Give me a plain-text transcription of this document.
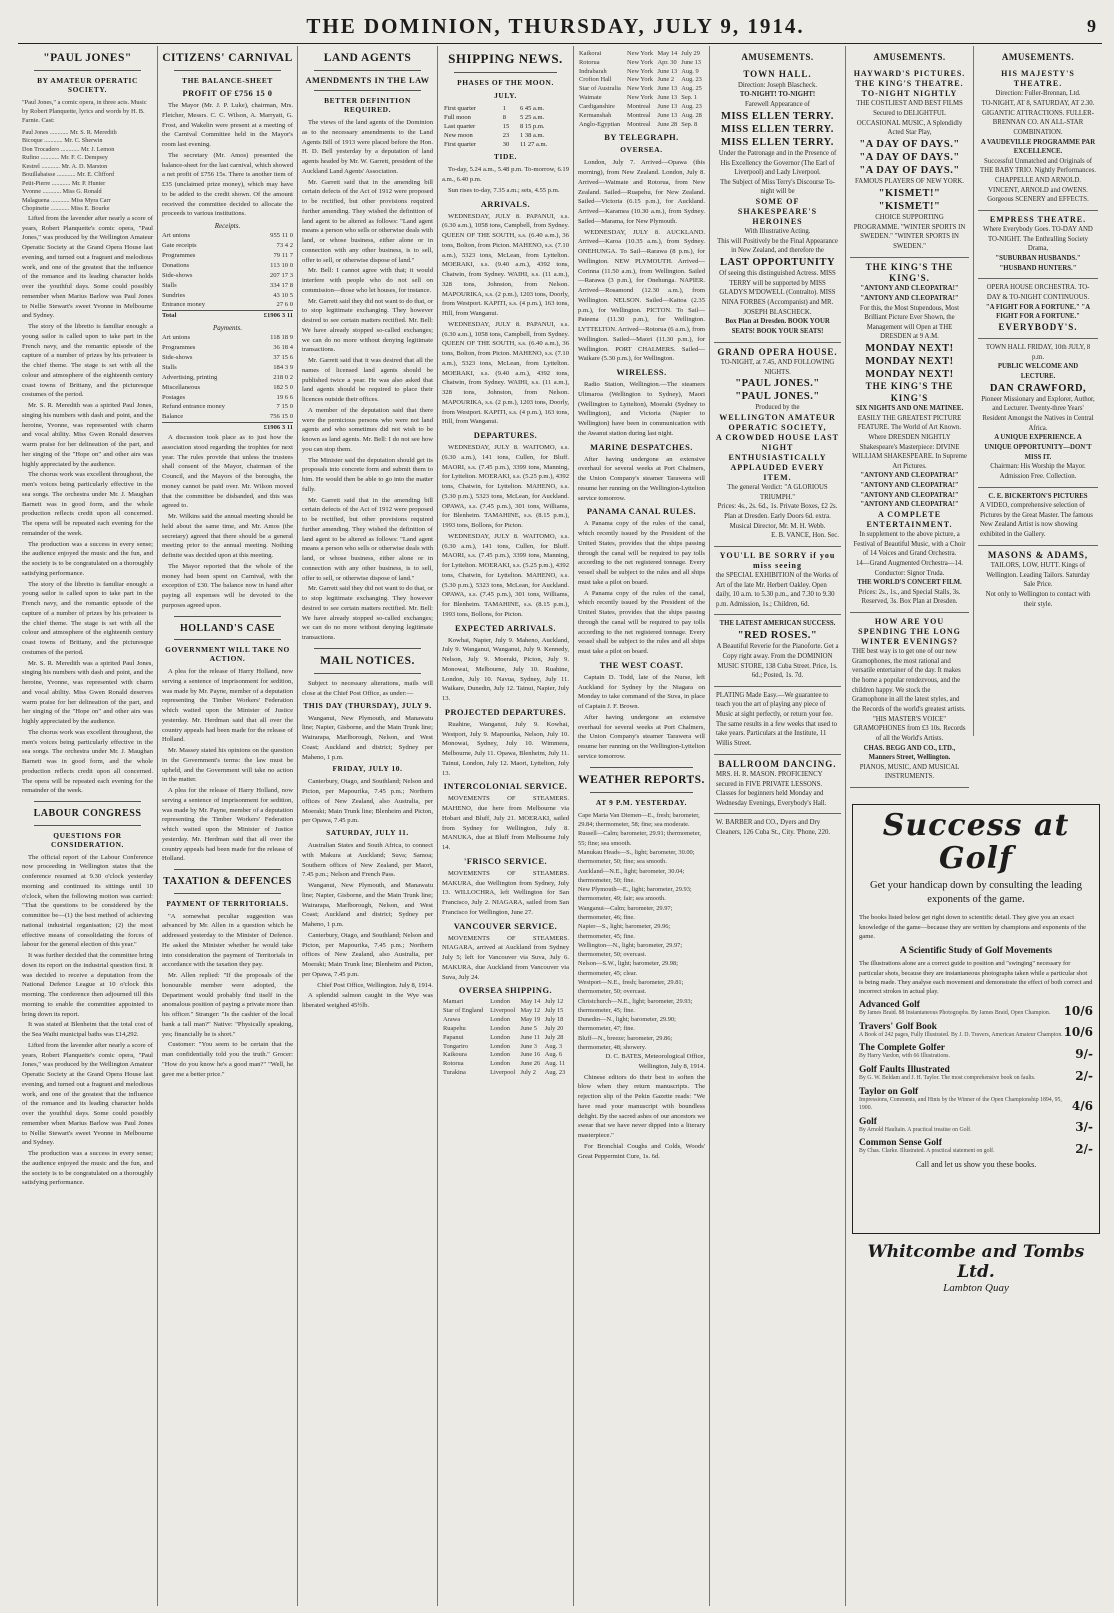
THE DOMINION, THURSDAY, JULY 9, 1914.	9
"PAUL JONES"
BY AMATEUR OPERATIC SOCIETY.

"Paul Jones," a comic opera, in three acts. Music by Robert Planquette, lyrics and words by H. B. Farnie. Cast:

Paul Jones ............ Mr. S. R. Meredith
Bicoque ............ Mr. C. Sherwin
Don Trocadero ............ Mr. J. Lemon
Rufino ............ Mr. F. C. Dempsey
Kestrel ............ Mr. A. D. Marston
Bouillabaisse ............ Mr. E. Clifford
Petit-Pierre ............ Mr. P. Hunter
Yvonne ............ Miss G. Ronald
Malaguena ............ Miss Myra Carr
Chopinette ............ Miss E. Bourke

Lifted from the lavender after nearly a score of years, Robert Planquette's comic opera, "Paul Jones," was produced by the Wellington Amateur Operatic Society at the Grand Opera House last evening, and turned out a fragrant and melodious work, and one of the greatest that the influence of the romance and its leading character holds over the youthful days. Some could possibly remember when Marius Barlow was Paul Jones to Nellie Stewart's sweet Yvonne in Melbourne and Sydney.

The story of the libretto is familiar enough: a young sailor is called upon to take part in the French navy, and the romantic episode of the capture of a number of prizes by his privateer is the chief theme. The stage is set with all the colour and atmosphere of the eighteenth century coast towns of Brittany, and the picturesque costumes of the period.

Mr. S. R. Meredith was a spirited Paul Jones, singing his numbers with dash and point, and the heroine, Yvonne, was represented with charm and vocal ability. Miss Gwen Ronald deserves warm praise for her delineation of the part, and her singing of the "Hope on" and other airs was highly appreciated by the audience.

The chorus work was excellent throughout, the men's voices being particularly effective in the sea songs. The orchestra under Mr. J. Maughan Barnett was in good form, and the whole production reflects credit upon all concerned. The opera will be repeated each evening for the remainder of the week.

The production was a success in every sense; the audience enjoyed the music and the fun, and the society is to be congratulated on a thoroughly satisfying performance.

The story of the libretto is familiar enough: a young sailor is called upon to take part in the French navy, and the romantic episode of the capture of a number of prizes by his privateer is the chief theme. The stage is set with all the colour and atmosphere of the eighteenth century coast towns of Brittany, and the picturesque costumes of the period.

Mr. S. R. Meredith was a spirited Paul Jones, singing his numbers with dash and point, and the heroine, Yvonne, was represented with charm and vocal ability. Miss Gwen Ronald deserves warm praise for her delineation of the part, and her singing of the "Hope on" and other airs was highly appreciated by the audience.

The chorus work was excellent throughout, the men's voices being particularly effective in the sea songs. The orchestra under Mr. J. Maughan Barnett was in good form, and the whole production reflects credit upon all concerned. The opera will be repeated each evening for the remainder of the week.

LABOUR CONGRESS
QUESTIONS FOR CONSIDERATION.

The official report of the Labour Conference now proceeding in Wellington states that the conference resumed at 9.30 o'clock yesterday morning and continued its sittings until 10 o'clock, when the following motion was carried: "That the questions to be considered by the committee be—(1) the best method of achieving national industrial organisation; (2) the most effective means of consolidating the forces of labour for the general election of this year."

It was further decided that the committee bring down its report on the industrial question first. It was decided to receive a deputation from the National Defence League at 10 o'clock this morning. The conference then adjourned till this morning to enable the committee appointed to bring down its report.

It was stated at Blenheim that the total cost of the Sea Waihi municipal baths was £14,292.

Lifted from the lavender after nearly a score of years, Robert Planquette's comic opera, "Paul Jones," was produced by the Wellington Amateur Operatic Society at the Grand Opera House last evening, and turned out a fragrant and melodious work, and one of the greatest that the influence of the romance and its leading character holds over the youthful days. Some could possibly remember when Marius Barlow was Paul Jones to Nellie Stewart's sweet Yvonne in Melbourne and Sydney.

The production was a success in every sense; the audience enjoyed the music and the fun, and the society is to be congratulated on a thoroughly satisfying performance.

CITIZENS' CARNIVAL
THE BALANCE-SHEET
PROFIT OF £756 15 0

The Mayor (Mr. J. P. Luke), chairman, Mrs. Fletcher, Messrs. C. C. Wilson, A. Marryatt, G. Frost, and Wakelin were present at a meeting of the Carnival Committee held in the Mayor's room last evening.

The secretary (Mr. Amos) presented the balance-sheet for the last carnival, which showed a net profit of £756 15s. There is another item of £35 (unclaimed prize money), which may have to be added to the credit shown. Of the amount received the committee decided to allocate the proceeds to various institutions.

Receipts.
Art unions	955 11 0
Gate receipts	73 4 2
Programmes	79 11 7
Donations	113 10 0
Side-shows	207 17 3
Stalls	334 17 8
Sundries	43 10 5
Entrance money	27 6 0
Total	£1906 3 11
Payments.
Art unions	118 18 9
Programmes	36 18 4
Side-shows	37 15 6
Stalls	184 3 9
Advertising, printing	218 0 2
Miscellaneous	182 5 0
Postages	19 6 6
Refund entrance money	7 15 0
Balance	756 15 0
£1906 3 11

A discussion took place as to just how the association stood regarding the trophies for next year. The rules provide that unless the trustees shall consent of the Mayor, chairman of the Council, and the Mayors of the boroughs, the money cannot be paid over. Mr. Wilson moved that the committee be disbanded, and this was agreed to.

Mr. Wilkins said the annual meeting should be held about the same time, and Mr. Amos (the secretary) agreed that there should be a general meeting prior to the annual meeting. Nothing definite was decided upon at this meeting.

The Mayor reported that the whole of the money had been spent on Carnival, with the exception of £30. The balance now in hand after paying all expenses will be devoted to the purposes agreed upon.

HOLLAND'S CASE
GOVERNMENT WILL TAKE NO ACTION.

A plea for the release of Harry Holland, now serving a sentence of imprisonment for sedition, was made by Mr. Payne, member of a deputation representing the Timber Workers' Federation which waited upon the Minister of Justice yesterday. Mr. Herdman said that all over the country appeals had been made for the release of Holland.

Mr. Massey stated his opinions on the question in the Government's terms: the law must be upheld, and the Government will take no action in the matter.

A plea for the release of Harry Holland, now serving a sentence of imprisonment for sedition, was made by Mr. Payne, member of a deputation representing the Timber Workers' Federation which waited upon the Minister of Justice yesterday. Mr. Herdman said that all over the country appeals had been made for the release of Holland.

TAXATION & DEFENCES
PAYMENT OF TERRITORIALS.

"A somewhat peculiar suggestion was advanced by Mr. Allen in a question which he addressed yesterday to the Minister of Defence. He asked the Minister whether he would take into consideration the payment of Territorials in accordance with the taxation they pay.

Mr. Allen replied: "If the proposals of the honourable member were adopted, the Department would probably find itself in the anomalous position of paying a private more than his officer." Stranger: "Is the cashier of the local bank a tall man?" Native: "Physically speaking, yes; financially he is short."

Customer: "You seem to be certain that the man confidentially told you the truth." Grocer: "How do you know he's a good man?" "Well, he gave me a better price."

LAND AGENTS
AMENDMENTS IN THE LAW
BETTER DEFINITION REQUIRED.

The views of the land agents of the Dominion as to the necessary amendments to the Land Agents Bill of 1913 were placed before the Hon. H. D. Bell yesterday by a deputation of land agents headed by Mr. W. Garrett, president of the Auckland Land Agents' Association.

Mr. Garrett said that in the amending bill certain defects of the Act of 1912 were proposed to be rectified, but other provisions required further amending. They wished the definition of land agent to be altered as follows: "Land agent means a person who sells or otherwise deals with land, or whose business, either alone or in connection with any other business, is to sell, offer to sell, or otherwise dispose of land."

Mr. Bell: I cannot agree with that; it would interfere with people who do not sell on commission—those who let houses, for instance.

Mr. Garrett said they did not want to do that, or to stop legitimate exchanging. They however desired to see certain matters rectified. Mr. Bell: We have already stopped so-called exchanges; we can do no more without denying legitimate transactions.

Mr. Garrett said that it was desired that all the names of licensed land agents should be published twice a year. He was also asked that land agents should be required to place their licences outside their offices.

A member of the deputation said that there were the pernicious persons who were not land agents and who sometimes did not wish to be known as land agents. Mr. Bell: I do not see how you can stop them.

The Minister said the deputation should get its proposals into concrete form and submit them to him. He would then be able to go into the matter fully.

Mr. Garrett said that in the amending bill certain defects of the Act of 1912 were proposed to be rectified, but other provisions required further amending. They wished the definition of land agent to be altered as follows: "Land agent means a person who sells or otherwise deals with land, or whose business, either alone or in connection with any other business, is to sell, offer to sell, or otherwise dispose of land."

Mr. Garrett said they did not want to do that, or to stop legitimate exchanging. They however desired to see certain matters rectified. Mr. Bell: We have already stopped so-called exchanges; we can do no more without denying legitimate transactions.

MAIL NOTICES.

Subject to necessary alterations, mails will close at the Chief Post Office, as under:—

THIS DAY (THURSDAY), JULY 9.

Wanganui, New Plymouth, and Manawatu line; Napier, Gisborne, and the Main Trunk line; Wairarapa, Marlborough, Nelson, and West Coast; Auckland and district; Sydney per Maheno, 1 p.m.

FRIDAY, JULY 10.

Canterbury, Otago, and Southland; Nelson and Picton, per Mapourika, 7.45 p.m.; Northern offices of New Zealand, also Australia, per Moeraki; Main Trunk line; Blenheim and Picton, per Opawa, 7.45 p.m.

SATURDAY, JULY 11.

Australian States and South Africa, to connect with Makura at Auckland; Suva; Samoa; Southern offices of New Zealand, per Maori, 7.45 p.m.; Nelson and French Pass.

Wanganui, New Plymouth, and Manawatu line; Napier, Gisborne, and the Main Trunk line; Wairarapa, Marlborough, Nelson, and West Coast; Auckland and district; Sydney per Maheno, 1 p.m.

Canterbury, Otago, and Southland; Nelson and Picton, per Mapourika, 7.45 p.m.; Northern offices of New Zealand, also Australia, per Moeraki; Main Trunk line; Blenheim and Picton, per Opawa, 7.45 p.m.

Chief Post Office, Wellington. July 8, 1914.

A splendid salmon caught in the Wye was liberated weighed 45½lb.

SHIPPING NEWS.
PHASES OF THE MOON.
JULY.
First quarter	1	6 45 a.m.
Full moon	8	5 25 a.m.
Last quarter	15	8 15 p.m.
New moon	23	1 38 a.m.
First quarter	30	11 27 a.m.
TIDE.

To-day, 5.24 a.m., 5.48 p.m. To-morrow, 6.19 a.m., 6.40 p.m.

Sun rises to-day, 7.35 a.m.; sets, 4.55 p.m.

ARRIVALS.

WEDNESDAY, JULY 8. PAPANUI, s.s. (6.30 a.m.), 1058 tons, Campbell, from Sydney. QUEEN OF THE SOUTH, s.s. (6.40 a.m.), 36 tons, Bolton, from Picton. MAHENO, s.s. (7.10 a.m.), 5323 tons, McLean, from Lyttelton. MOERAKI, s.s. (9.40 a.m.), 4392 tons, Chatwin, from Sydney. WAIHI, s.s. (11 a.m.), 328 tons, Johnston, from Nelson. MAPOURIKA, s.s. (2 p.m.), 1203 tons, Doorly, from Westport. KAPITI, s.s. (4 p.m.), 163 tons, Hill, from Wanganui.

WEDNESDAY, JULY 8. PAPANUI, s.s. (6.30 a.m.), 1058 tons, Campbell, from Sydney. QUEEN OF THE SOUTH, s.s. (6.40 a.m.), 36 tons, Bolton, from Picton. MAHENO, s.s. (7.10 a.m.), 5323 tons, McLean, from Lyttelton. MOERAKI, s.s. (9.40 a.m.), 4392 tons, Chatwin, from Sydney. WAIHI, s.s. (11 a.m.), 328 tons, Johnston, from Nelson. MAPOURIKA, s.s. (2 p.m.), 1203 tons, Doorly, from Westport. KAPITI, s.s. (4 p.m.), 163 tons, Hill, from Wanganui.

DEPARTURES.

WEDNESDAY, JULY 8. WAITOMO, s.s. (6.30 a.m.), 141 tons, Cullen, for Bluff. MAORI, s.s. (7.45 p.m.), 3399 tons, Manning, for Lyttelton. MOERAKI, s.s. (5.25 p.m.), 4392 tons, Chatwin, for Lyttelton. MAHENO, s.s. (5.30 p.m.), 5323 tons, McLean, for Auckland. OPAWA, s.s. (7.45 p.m.), 301 tons, Williams, for Blenheim. TAMAHINE, s.s. (8.15 p.m.), 1993 tons, Bollons, for Picton.

WEDNESDAY, JULY 8. WAITOMO, s.s. (6.30 a.m.), 141 tons, Cullen, for Bluff. MAORI, s.s. (7.45 p.m.), 3399 tons, Manning, for Lyttelton. MOERAKI, s.s. (5.25 p.m.), 4392 tons, Chatwin, for Lyttelton. MAHENO, s.s. (5.30 p.m.), 5323 tons, McLean, for Auckland. OPAWA, s.s. (7.45 p.m.), 301 tons, Williams, for Blenheim. TAMAHINE, s.s. (8.15 p.m.), 1993 tons, Bollons, for Picton.

EXPECTED ARRIVALS.

Kowhai, Napier, July 9. Maheno, Auckland, July 9. Wanganui, Wanganui, July 9. Kennedy, Nelson, July 9. Moeraki, Picton, July 9. Monowai, Melbourne, July 10. Ruahine, London, July 10. Navua, Sydney, July 11. Waikare, Dunedin, July 12. Tainui, Napier, July 13.

PROJECTED DEPARTURES.

Ruahine, Wanganui, July 9. Kowhai, Westport, July 9. Mapourika, Nelson, July 10. Monowai, Sydney, July 10. Wimmera, Melbourne, July 11. Opawa, Blenheim, July 11. Tainui, London, July 12. Maori, Lyttelton, July 13.

INTERCOLONIAL SERVICE.

MOVEMENTS OF STEAMERS. MAHENO, due here from Melbourne via Hobart and Bluff, July 21. MOERAKI, sailed from Sydney for Wellington, July 8. MANUKA, due at Bluff from Melbourne July 14.

'FRISCO SERVICE.

MOVEMENTS OF STEAMERS. MAKURA, due Wellington from Sydney, July 13. WILLOCHRA, left Wellington for San Francisco, July 2. NIAGARA, sailed from San Francisco for Wellington, June 27.

VANCOUVER SERVICE.

MOVEMENTS OF STEAMERS. NIAGARA, arrived at Auckland from Sydney July 5; left for Vancouver via Suva, July 6. MAKURA, due Auckland from Vancouver via Suva, July 24.

OVERSEA SHIPPING.
Mamari	London	May 14	July 12
Star of England	Liverpool	May 12	July 15
Arawa	London	May 19	July 18
Ruapehu	London	June 5	July 20
Papanui	London	June 11	July 28
Tongariro	London	June 3	Aug. 3
Kaikoura	London	June 16	Aug. 6
Rotorua	London	June 26	Aug. 11
Turakina	Liverpool	July 2	Aug. 23
Kaikorai	New York	May 14	July 29
Rotorua	New York	Apr. 30	June 13
Indrabarah	New York	June 13	Aug. 9
Crofton Hall	New York	June 2	Aug. 23
Star of Australia	New York	June 13	Aug. 25
Waimate	New York	June 13	Sep. 1
Cardiganshire	Montreal	June 13	Aug. 23
Kermanshah	Montreal	June 13	Aug. 28
Anglo-Egyptian	Montreal	June 28	Sep. 8
BY TELEGRAPH.
OVERSEA.

London, July 7. Arrived—Opawa (this morning), from New Zealand. London, July 8. Arrived—Waimate and Rotorua, from New Zealand. Sailed—Ruapehu, for New Zealand. Sailed—Victoria (6.15 p.m.), for Auckland. Arrived—Karamea (10.30 a.m.), from Sydney. Sailed—Marama, for New Plymouth.

WEDNESDAY, JULY 8. AUCKLAND. Arrived—Karoa (10.35 a.m.), from Sydney. ONEHUNGA. To Sail—Rarawa (8 p.m.), for Wellington. NEW PLYMOUTH. Arrived—Corinna (11.50 a.m.), from Wellington. Sailed—Rarawa (3 p.m.), for Onehunga. NAPIER. Arrived—Rosamond (12.30 a.m.), from Wellington. NELSON. Sailed—Kaitoa (2.35 p.m.), for Wellington. PICTON. To Sail—Pateena (11.30 p.m.), for Wellington. LYTTELTON. Arrived—Rotorua (6 a.m.), from Wellington. Sailed—Maori (11.30 p.m.), for Wellington. PORT CHALMERS. Sailed—Waikare (5.30 p.m.), for Wellington.

WIRELESS.

Radio Station, Wellington.—The steamers Ulimaroa (Wellington to Sydney), Maori (Wellington to Lyttelton), Moeraki (Sydney to Wellington), and Victoria (Napier to Wellington) have been in communication with the Awanui station during last night.

MARINE DESPATCHES.

After having undergone an extensive overhaul for several weeks at Port Chalmers, the Union Company's steamer Tarawera will resume her running on the Wellington-Lyttelton service tomorrow.

PANAMA CANAL RULES.

A Panama copy of the rules of the canal, which recently issued by the President of the United States, provides that the ships passing through the canal will be required to pay tolls according to the net registered tonnage. Every vessel shall be subject to the rules and all ships must take a pilot on board.

A Panama copy of the rules of the canal, which recently issued by the President of the United States, provides that the ships passing through the canal will be required to pay tolls according to the net registered tonnage. Every vessel shall be subject to the rules and all ships must take a pilot on board.

THE WEST COAST.

Captain D. Todd, late of the Nurse, left Auckland for Sydney by the Niagara on Monday to take command of the Suva, in place of Captain J. F. Brown.

After having undergone an extensive overhaul for several weeks at Port Chalmers, the Union Company's steamer Tarawera will resume her running on the Wellington-Lyttelton service tomorrow.

WEATHER REPORTS.
AT 9 P.M. YESTERDAY.
Cape Maria Van Diemen—E., fresh; barometer, 29.84; thermometer, 58; fine; sea moderate.
Russell—Calm; barometer, 29.91; thermometer, 55; fine; sea smooth.
Manukau Heads—S., light; barometer, 30.00; thermometer, 50; fine; sea smooth.
Auckland—N.E., light; barometer, 30.04; thermometer, 50; fine.
New Plymouth—E., light; barometer, 29.93; thermometer, 49; fair; sea smooth.
Wanganui—Calm; barometer, 29.97; thermometer, 46; fine.
Napier—S., light; barometer, 29.96; thermometer, 45; fine.
Wellington—N., light; barometer, 29.97; thermometer, 50; overcast.
Nelson—S.W., light; barometer, 29.98; thermometer, 45; clear.
Westport—N.E., fresh; barometer, 29.81; thermometer, 50; overcast.
Christchurch—N.E., light; barometer, 29.93; thermometer, 45; fine.
Dunedin—N., light; barometer, 29.90; thermometer, 47; fine.
Bluff—N., breeze; barometer, 29.86; thermometer, 48; showery.

D. C. BATES, Meteorological Office, Wellington, July 8, 1914.

Chinese editors do their best to soften the blow when they return manuscripts. The rejection slip of the Pekin Gazette reads: "We have read your manuscript with boundless delight. By the sacred ashes of our ancestors we swear that we have never dipped into a literary masterpiece."

For Bronchial Coughs and Colds, Woods' Great Peppermint Cure, 1s. 6d.

AMUSEMENTS.
TOWN HALL.
Direction: Joseph Blascheck.
TO-NIGHT! TO-NIGHT!
Farewell Appearance of
MISS ELLEN TERRY.
MISS ELLEN TERRY.
MISS ELLEN TERRY.
Under the Patronage and in the Presence of His Excellency the Governor (The Earl of Liverpool) and Lady Liverpool.
The Subject of Miss Terry's Discourse To-night will be
SOME OF SHAKESPEARE'S HEROINES
With Illustrative Acting.
This will Positively be the Final Appearance in New Zealand, and therefore the
LAST OPPORTUNITY
Of seeing this distinguished Actress. MISS TERRY will be supported by MISS GLADYS M'DOWELL (Contralto). MISS NINA FORBES (Accompanist) and MR. JOSEPH BLASCHECK.
Box Plan at Dresden. BOOK YOUR SEATS! BOOK YOUR SEATS!
GRAND OPERA HOUSE.
TO-NIGHT, at 7.45, AND FOLLOWING NIGHTS.
"PAUL JONES."
"PAUL JONES."
Produced by the
WELLINGTON AMATEUR OPERATIC SOCIETY,
A CROWDED HOUSE LAST NIGHT ENTHUSIASTICALLY APPLAUDED EVERY ITEM.
The general Verdict: "A GLORIOUS TRIUMPH."
Prices: 4s., 2s. 6d., 1s. Private Boxes, £2 2s. Plan at Dresden. Early Doors 6d. extra.
Musical Director, Mr. M. H. Webb.
E. B. VANCE, Hon. Sec.
YOU'LL BE SORRY if you miss seeing
the SPECIAL EXHIBITION of the Works of Art of the late Mr. Herbert Oakley. Open daily, 10 a.m. to 5.30 p.m., and 7.30 to 9.30 p.m. Admission, 1s.; Children, 6d.
THE LATEST AMERICAN SUCCESS.
"RED ROSES."
A Beautiful Reverie for the Pianoforte. Get a Copy right away. From the DOMINION MUSIC STORE, 138 Cuba Street. Price, 1s. 6d.; Posted, 1s. 7d.
PLATING Made Easy.—We guarantee to teach you the art of playing any piece of Music at sight perfectly, or return your fee. The same results in a few weeks that used to take years. Particulars at the Institute, 11 Willis Street.
BALLROOM DANCING.
MRS. H. R. MASON. PROFICIENCY secured in FIVE PRIVATE LESSONS. Classes for beginners held Monday and Wednesday Evenings, Everybody's Hall.
W. BARBER and CO., Dyers and Dry Cleaners, 126 Cuba St., City. 'Phone, 220.
AMUSEMENTS.
HAYWARD'S PICTURES. THE KING'S THEATRE. TO-NIGHT NIGHTLY
THE COSTLIEST AND BEST FILMS Secured to DELIGHTFUL OCCASIONAL MUSIC, A Splendidly Acted Star Play,
"A DAY OF DAYS."
"A DAY OF DAYS."
"A DAY OF DAYS."
FAMOUS PLAYERS OF NEW YORK.
"KISMET!"
"KISMET!"
CHOICE SUPPORTING PROGRAMME. "WINTER SPORTS IN SWEDEN." "WINTER SPORTS IN SWEDEN."
THE KING'S THE KING'S.
"ANTONY AND CLEOPATRA!" "ANTONY AND CLEOPATRA!"
For this, the Most Stupendous, Most Brilliant Picture Ever Shown, the Management will Open at THE DRESDEN at 9 A.M.
MONDAY NEXT!
MONDAY NEXT!
MONDAY NEXT!
THE KING'S THE KING'S
SIX NIGHTS AND ONE MATINEE.
EASILY THE GREATEST PICTURE FEATURE. The World of Art Known.
Where DRESDEN NIGHTLY
Shakespeare's Masterpiece: DIVINE WILLIAM SHAKESPEARE. In Supreme Art Pictures.
"ANTONY AND CLEOPATRA!"
"ANTONY AND CLEOPATRA!"
"ANTONY AND CLEOPATRA!"
"ANTONY AND CLEOPATRA!"
A COMPLETE ENTERTAINMENT.
In supplement to the above picture, a Festival of Beautiful Music, with a Choir of 14 Voices and Grand Orchestra.
14—Grand Augmented Orchestra—14. Conductor: Signor Truda.
THE WORLD'S CONCERT FILM.
Prices: 2s., 1s., and Special Stalls, 3s. Reserved, 3s. Box Plan at Dresden.
HOW ARE YOU SPENDING THE LONG WINTER EVENINGS?
THE best way is to get one of our new Gramophones, the most rational and versatile entertainer of the day. It makes the home a popular rendezvous, and the children happy. We stock the Gramophone in all the latest styles, and the Records of the world's greatest artists.
"HIS MASTER'S VOICE" GRAMOPHONES from £3 10s. Records of all the World's Artists.
CHAS. BEGG AND CO., LTD., Manners Street, Wellington.
PIANOS, MUSIC, AND MUSICAL INSTRUMENTS.
AMUSEMENTS.
HIS MAJESTY'S THEATRE.
Direction: Fuller-Brennan, Ltd.
TO-NIGHT, AT 8, SATURDAY, AT 2.30. GIGANTIC ATTRACTIONS. FULLER-BRENNAN CO. AN ALL-STAR COMBINATION.
A VAUDEVILLE PROGRAMME PAR EXCELLENCE.
Successful Unmatched and Originals of THE BABY TRIO. Nightly Performances. CHAPPELLE AND ARNOLD. VINCENT, ARNOLD and OWENS.
Gorgeous SCENERY and EFFECTS.
EMPRESS THEATRE.
Where Everybody Goes. TO-DAY AND TO-NIGHT. The Enthralling Society Drama,
"SUBURBAN HUSBANDS." "HUSBAND HUNTERS."
OPERA HOUSE ORCHESTRA. TO-DAY & TO-NIGHT CONTINUOUS.
"A FIGHT FOR A FORTUNE." "A FIGHT FOR A FORTUNE."
EVERYBODY'S.
TOWN HALL FRIDAY, 10th JULY, 8 p.m.
PUBLIC WELCOME AND LECTURE.
DAN CRAWFORD,
Pioneer Missionary and Explorer, Author, and Lecturer. Twenty-three Years' Resident Amongst the Natives in Central Africa.
A UNIQUE EXPERIENCE. A UNIQUE OPPORTUNITY—DON'T MISS IT.
Chairman: His Worship the Mayor. Admission Free. Collection.
C. E. BICKERTON'S PICTURES
A VIDEO, comprehensive selection of Pictures by the Great Master. The famous New Zealand Artist is now showing exhibited in the Gallery.
MASONS & ADAMS,
TAILORS, LOW, HUTT. Kings of Wellington. Leading Tailors. Saturday Sale Price.
Not only to Wellington to contact with their style.
Success at Golf
Get your handicap down by consulting the leading exponents of the game.
The books listed below get right down to scientific detail. They give you an exact knowledge of the game—because they are written by champions and exponents of the game.
A Scientific Study of Golf Movements
The illustrations alone are a correct guide to position and "swinging" necessary for particular shots, because they are instantaneous photographs taken while a particular shot is being made. They analyse each movement and demonstrate the effect of both correct and incorrect strokes in actual play.
Advanced Golf
By James Braid. 88 Instantaneous Photographs. By James Braid, Open Champion. 10/6
Travers' Golf Book
A Book of 242 pages, Fully Illustrated. By J. D. Travers, American Amateur Champion. 10/6
The Complete Golfer
By Harry Vardon, with 66 Illustrations.	9/-
Golf Faults Illustrated
By G. W. Beldam and J. H. Taylor. The most comprehensive book on faults.	2/-
Taylor on Golf
Impressions, Comments, and Hints by the Winner of the Open Championship 1894, 95, 1900.	4/6
Golf
By Arnold Haultain. A practical treatise on Golf.	3/-
Common Sense Golf
By Chas. Clarke. Illustrated. A practical statement on golf.	2/-
Call and let us show you these books.
Whitcombe and Tombs Ltd.
Lambton Quay
